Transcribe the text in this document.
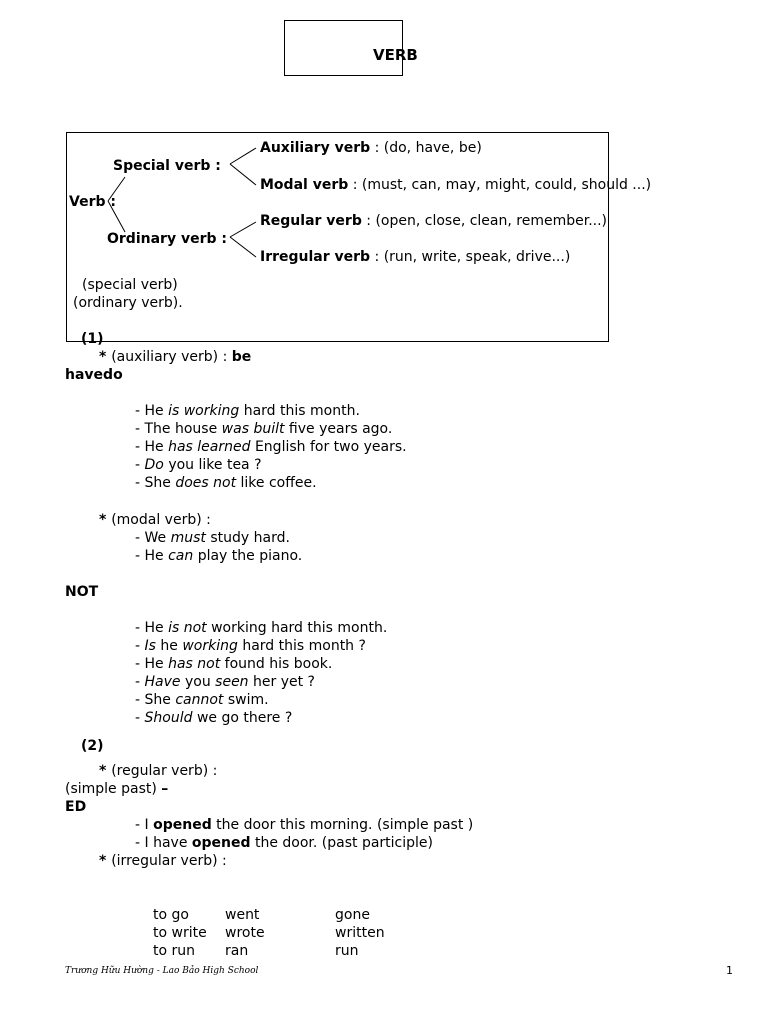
VERB
Special verb :
Verb :
Ordinary verb :
Auxiliary verb : (do, have, be)
Modal verb : (must, can, may, might, could, should ...)
Regular verb : (open, close, clean, remember...)
Irregular verb : (run, write, speak, drive...)
(special verb)
(ordinary verb).
(1)
* (auxiliary verb) : be
havedo
- He is working hard this month.
- The house was built five years ago.
- He has learned English for two years.
- Do you like tea ?
- She does not like coffee.
* (modal verb) :
- We must study hard.
- He can play the piano.
NOT
- He is not working hard this month.
- Is he working hard this month ?
- He has not found his book.
- Have you seen her yet ?
- She cannot swim.
- Should we go there ?
(2)
* (regular verb) :
(simple past) –
ED
- I opened the door this morning. (simple past )
- I have opened the door. (past participle)
* (irregular verb) :
to go	went	gone
to write wrote	written
to run ran	run
Trương Hữu Hường - Lao Bảo High School	1
